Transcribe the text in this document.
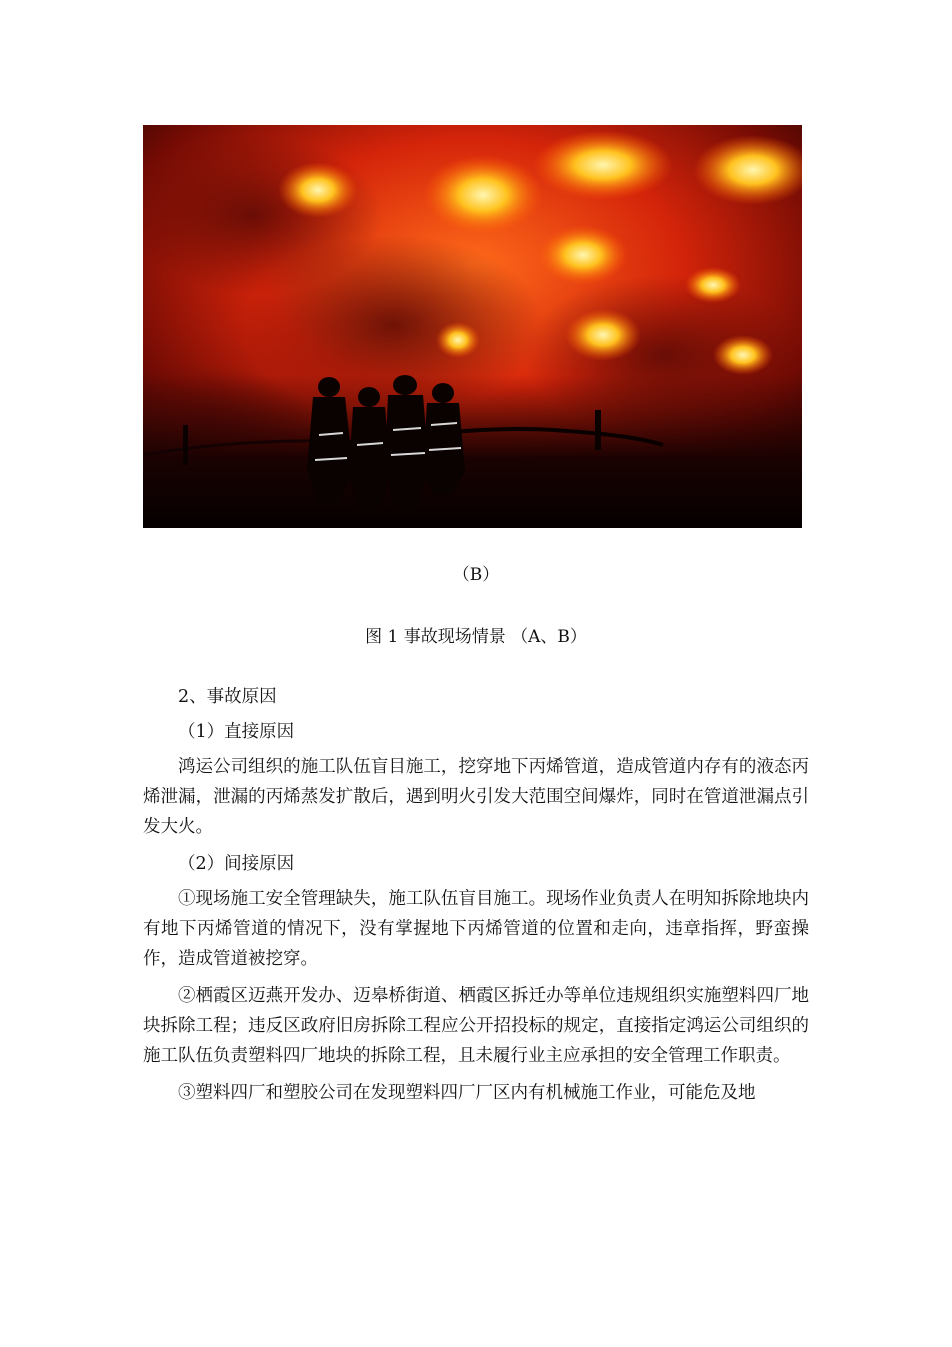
（B）
图 1 事故现场情景 （A、B）

2、事故原因

（1）直接原因

鸿运公司组织的施工队伍盲目施工，挖穿地下丙烯管道，造成管道内存有的液态丙烯泄漏，泄漏的丙烯蒸发扩散后，遇到明火引发大范围空间爆炸，同时在管道泄漏点引发大火。

（2）间接原因

①现场施工安全管理缺失，施工队伍盲目施工。现场作业负责人在明知拆除地块内有地下丙烯管道的情况下，没有掌握地下丙烯管道的位置和走向，违章指挥，野蛮操作，造成管道被挖穿。

②栖霞区迈燕开发办、迈皋桥街道、栖霞区拆迁办等单位违规组织实施塑料四厂地块拆除工程；违反区政府旧房拆除工程应公开招投标的规定，直接指定鸿运公司组织的施工队伍负责塑料四厂地块的拆除工程，且未履行业主应承担的安全管理工作职责。

③塑料四厂和塑胶公司在发现塑料四厂厂区内有机械施工作业，可能危及地
